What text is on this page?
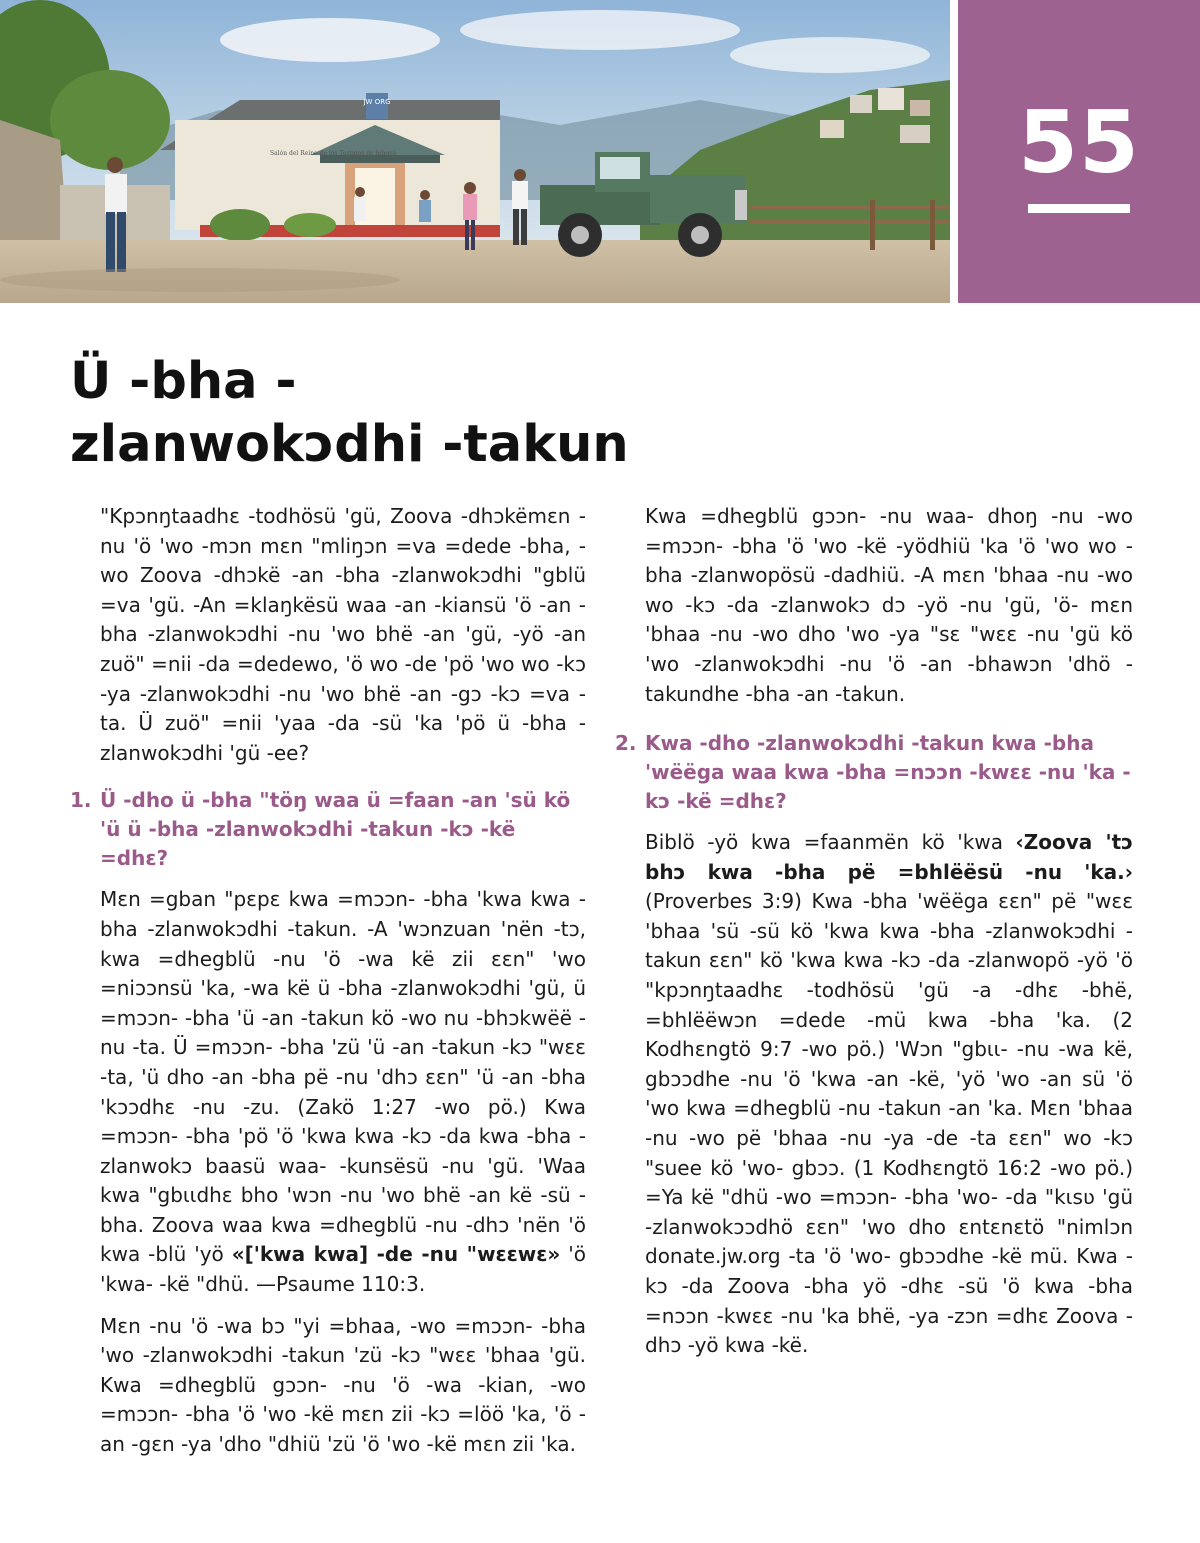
JW ORG
Salón del Reino de los Testigos de Jehová	55
Ü -bha -zlanwokɔdhi -takun

"Kpɔnŋtaadhɛ -todhösü 'gü, Zoova -dhɔkëmɛn -nu 'ö 'wo -mɔn mɛn "mliŋɔn =va =dede -bha, -wo Zoova -dhɔkë -an -bha -zlanwokɔdhi "gblü =va 'gü. -An =klaŋkësü waa -an -kiansü 'ö -an -bha -zlanwokɔdhi -nu 'wo bhë -an 'gü, -yö -an zuö" =nii -da =dedewo, 'ö wo -de 'pö 'wo wo -kɔ -ya -zlanwokɔdhi -nu 'wo bhë -an -gɔ -kɔ =va -ta. Ü zuö" =nii 'yaa -da -sü 'ka 'pö ü -bha -zlanwokɔdhi 'gü -ee?

1. Ü -dho ü -bha "töŋ waa ü =faan -an 'sü kö 'ü ü -bha -zlanwokɔdhi -takun -kɔ -kë =dhɛ?

Mɛn =gban "pɛpɛ kwa =mɔɔn- -bha 'kwa kwa -bha -zlanwokɔdhi -takun. -A 'wɔnzuan 'nën -tɔ, kwa =dhegblü -nu 'ö -wa kë zii ɛɛn" 'wo =niɔɔnsü 'ka, -wa kë ü -bha -zlanwokɔdhi 'gü, ü =mɔɔn- -bha 'ü -an -takun kö -wo nu -bhɔkwëë -nu -ta. Ü =mɔɔn- -bha 'zü 'ü -an -takun -kɔ "wɛɛ -ta, 'ü dho -an -bha pë -nu 'dhɔ ɛɛn" 'ü -an -bha 'kɔɔdhɛ -nu -zu. (Zakö 1:27 -wo pö.) Kwa =mɔɔn- -bha 'pö 'ö 'kwa kwa -kɔ -da kwa -bha -zlanwokɔ baasü waa- -kunsësü -nu 'gü. 'Waa kwa "gbɩɩdhɛ bho 'wɔn -nu 'wo bhë -an kë -sü -bha. Zoova waa kwa =dhegblü -nu -dhɔ 'nën 'ö kwa -blü 'yö «['kwa kwa] -de -nu "wɛɛwɛ» 'ö 'kwa- -kë "dhü. —Psaume 110:3.

Mɛn -nu 'ö -wa bɔ "yi =bhaa, -wo =mɔɔn- -bha 'wo -zlanwokɔdhi -takun 'zü -kɔ "wɛɛ 'bhaa 'gü. Kwa =dhegblü gɔɔn- -nu 'ö -wa -kian, -wo =mɔɔn- -bha 'ö 'wo -kë mɛn zii -kɔ =löö 'ka, 'ö -an -gɛn -ya 'dho "dhiü 'zü 'ö 'wo -kë mɛn zii 'ka.

Kwa =dhegblü gɔɔn- -nu waa- dhoŋ -nu -wo =mɔɔn- -bha 'ö 'wo -kë -yödhiü 'ka 'ö 'wo wo -bha -zlanwopösü -dadhiü. -A mɛn 'bhaa -nu -wo wo -kɔ -da -zlanwokɔ dɔ -yö -nu 'gü, 'ö- mɛn 'bhaa -nu -wo dho 'wo -ya "sɛ "wɛɛ -nu 'gü kö 'wo -zlanwokɔdhi -nu 'ö -an -bhawɔn 'dhö -takundhe -bha -an -takun.

2. Kwa -dho -zlanwokɔdhi -takun kwa -bha 'wëëga waa kwa -bha =nɔɔn -kwɛɛ -nu 'ka -kɔ -kë =dhɛ?

Biblö -yö kwa =faanmën kö 'kwa ‹Zoova 'tɔ bhɔ kwa -bha pë =bhlëësü -nu 'ka.› (Proverbes 3:9) Kwa -bha 'wëëga ɛɛn" pë "wɛɛ 'bhaa 'sü -sü kö 'kwa kwa -bha -zlanwokɔdhi -takun ɛɛn" kö 'kwa kwa -kɔ -da -zlanwopö -yö 'ö "kpɔnŋtaadhɛ -todhösü 'gü -a -dhɛ -bhë, =bhlëëwɔn =dede -mü kwa -bha 'ka. (2 Kodhɛngtö 9:7 -wo pö.) 'Wɔn "gbɩɩ- -nu -wa kë, gbɔɔdhe -nu 'ö 'kwa -an -kë, 'yö 'wo -an sü 'ö 'wo kwa =dhegblü -nu -takun -an 'ka. Mɛn 'bhaa -nu -wo pë 'bhaa -nu -ya -de -ta ɛɛn" wo -kɔ "suee kö 'wo- gbɔɔ. (1 Kodhɛngtö 16:2 -wo pö.) =Ya kë "dhü -wo =mɔɔn- -bha 'wo- -da "kɩsʋ 'gü -zlanwokɔɔdhö ɛɛn" 'wo dho ɛntɛnɛtö "nimlɔn donate.jw.org -ta 'ö 'wo- gbɔɔdhe -kë mü. Kwa -kɔ -da Zoova -bha yö -dhɛ -sü 'ö kwa -bha =nɔɔn -kwɛɛ -nu 'ka bhë, -ya -zɔn =dhɛ Zoova -dhɔ -yö kwa -kë.
